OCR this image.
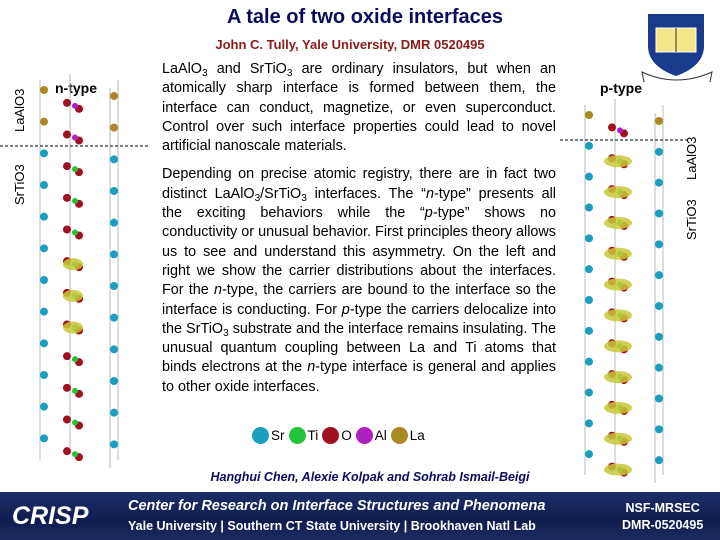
A tale of two oxide interfaces
John C. Tully, Yale University, DMR 0520495

LaAlO$_3$ and SrTiO$_3$ are ordinary insulators, but when an atomically sharp interface is formed between them, the interface can conduct, magnetize, or even superconduct. Control over such interface properties could lead to novel artificial nanoscale materials.

Depending on precise atomic registry, there are in fact two distinct LaAlO$_3$/SrTiO$_3$ interfaces. The “n-type” presents all the exciting behaviors while the “p-type” shows no conductivity or unusual behavior. First principles theory allows us to see and understand this asymmetry. On the left and right we show the carrier distributions about the interfaces. For the n-type, the carriers are bound to the interface so the interface is conducting. For p-type the carriers delocalize into the SrTiO$_3$ substrate and the interface remains insulating. The unusual quantum coupling between La and Ti atoms that binds electrons at the n-type interface is general and applies to other oxide interfaces.

Sr Ti O Al La
Hanghui Chen, Alexie Kolpak and Sohrab Ismail-Beigi
n-type
LaAlO3
SrTiO3
p-type
LaAlO3
SrTiO3
CRISP	Center for Research on Interface Structures and Phenomena
Yale University | Southern CT State University | Brookhaven Natl Lab
NSF-MRSEC
DMR-0520495
